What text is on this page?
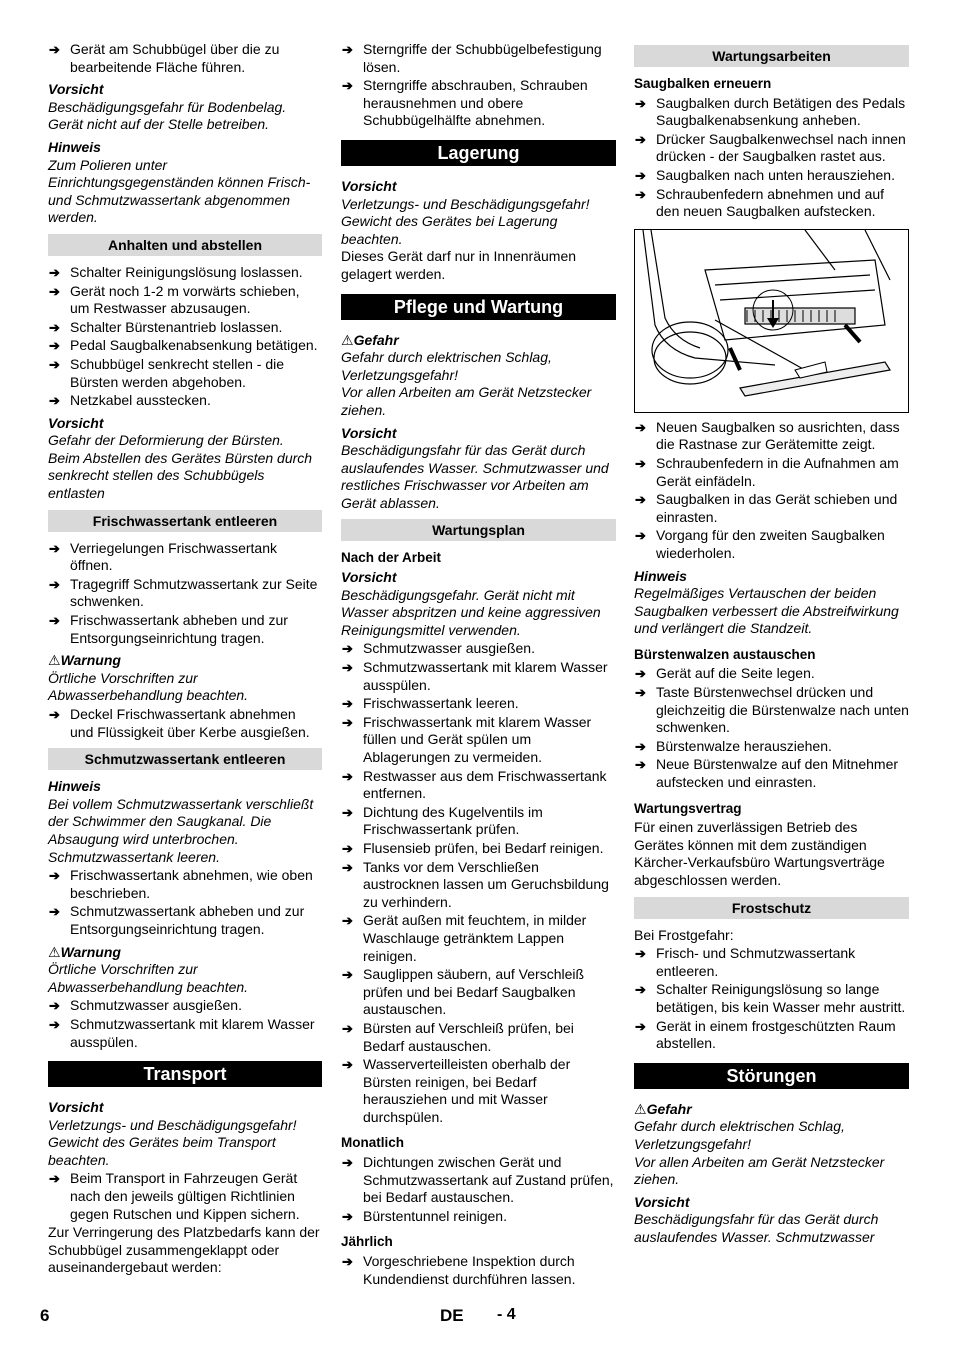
➔ Gerät am Schubbügel über die zu bearbeitende Fläche führen.

Vorsicht

Beschädigungsgefahr für Bodenbelag. Gerät nicht auf der Stelle betreiben.

Hinweis

Zum Polieren unter Einrichtungsgegenständen können Frisch- und Schmutzwassertank abgenommen werden.

Anhalten und abstellen
➔ Schalter Reinigungslösung loslassen.
➔ Gerät noch 1-2 m vorwärts schieben, um Restwasser abzusaugen.
➔ Schalter Bürstenantrieb loslassen.
➔ Pedal Saugbalkenabsenkung betätigen.
➔ Schubbügel senkrecht stellen - die Bürsten werden abgehoben.
➔ Netzkabel ausstecken.

Vorsicht

Gefahr der Deformierung der Bürsten.

Beim Abstellen des Gerätes Bürsten durch senkrecht stellen des Schubbügels entlasten

Frischwassertank entleeren
➔ Verriegelungen Frischwassertank öffnen.
➔ Tragegriff Schmutzwassertank zur Seite schwenken.
➔ Frischwassertank abheben und zur Entsorgungseinrichtung tragen.

⚠ Warnung

Örtliche Vorschriften zur Abwasserbehandlung beachten.

➔ Deckel Frischwassertank abnehmen und Flüssigkeit über Kerbe ausgießen.
Schmutzwassertank entleeren

Hinweis

Bei vollem Schmutzwassertank verschließt der Schwimmer den Saugkanal. Die Absaugung wird unterbrochen. Schmutzwassertank leeren.

➔ Frischwassertank abnehmen, wie oben beschrieben.
➔ Schmutzwassertank abheben und zur Entsorgungseinrichtung tragen.

⚠ Warnung

Örtliche Vorschriften zur Abwasserbehandlung beachten.

➔ Schmutzwasser ausgießen.
➔ Schmutzwassertank mit klarem Wasser ausspülen.
Transport

Vorsicht

Verletzungs- und Beschädigungsgefahr! Gewicht des Gerätes beim Transport beachten.

➔ Beim Transport in Fahrzeugen Gerät nach den jeweils gültigen Richtlinien gegen Rutschen und Kippen sichern.

Zur Verringerung des Platzbedarfs kann der Schubbügel zusammengeklappt oder auseinandergebaut werden:

➔ Sterngriffe der Schubbügelbefestigung lösen.
➔ Sterngriffe abschrauben, Schrauben herausnehmen und obere Schubbügelhälfte abnehmen.
Lagerung

Vorsicht

Verletzungs- und Beschädigungsgefahr! Gewicht des Gerätes bei Lagerung beachten.

Dieses Gerät darf nur in Innenräumen gelagert werden.

Pflege und Wartung

⚠ Gefahr

Gefahr durch elektrischen Schlag, Verletzungsgefahr!

Vor allen Arbeiten am Gerät Netzstecker ziehen.

Vorsicht

Beschädigungsfahr für das Gerät durch auslaufendes Wasser. Schmutzwasser und restliches Frischwasser vor Arbeiten am Gerät ablassen.

Wartungsplan

Nach der Arbeit

Vorsicht

Beschädigungsgefahr. Gerät nicht mit Wasser abspritzen und keine aggressiven Reinigungsmittel verwenden.

➔ Schmutzwasser ausgießen.
➔ Schmutzwassertank mit klarem Wasser ausspülen.
➔ Frischwassertank leeren.
➔ Frischwassertank mit klarem Wasser füllen und Gerät spülen um Ablagerungen zu vermeiden.
➔ Restwasser aus dem Frischwassertank entfernen.
➔ Dichtung des Kugelventils im Frischwassertank prüfen.
➔ Flusensieb prüfen, bei Bedarf reinigen.
➔ Tanks vor dem Verschließen austrocknen lassen um Geruchsbildung zu verhindern.
➔ Gerät außen mit feuchtem, in milder Waschlauge getränktem Lappen reinigen.
➔ Sauglippen säubern, auf Verschleiß prüfen und bei Bedarf Saugbalken austauschen.
➔ Bürsten auf Verschleiß prüfen, bei Bedarf austauschen.
➔ Wasserverteilleisten oberhalb der Bürsten reinigen, bei Bedarf herausziehen und mit Wasser durchspülen.

Monatlich

➔ Dichtungen zwischen Gerät und Schmutzwassertank auf Zustand prüfen, bei Bedarf austauschen.
➔ Bürstentunnel reinigen.

Jährlich

➔ Vorgeschriebene Inspektion durch Kundendienst durchführen lassen.
Wartungsarbeiten

Saugbalken erneuern

➔ Saugbalken durch Betätigen des Pedals Saugbalkenabsenkung anheben.
➔ Drücker Saugbalkenwechsel nach innen drücken - der Saugbalken rastet aus.
➔ Saugbalken nach unten herausziehen.
➔ Schraubenfedern abnehmen und auf den neuen Saugbalken aufstecken.
➔ Neuen Saugbalken so ausrichten, dass die Rastnase zur Gerätemitte zeigt.
➔ Schraubenfedern in die Aufnahmen am Gerät einfädeln.
➔ Saugbalken in das Gerät schieben und einrasten.
➔ Vorgang für den zweiten Saugbalken wiederholen.

Hinweis

Regelmäßiges Vertauschen der beiden Saugbalken verbessert die Abstreifwirkung und verlängert die Standzeit.

Bürstenwalzen austauschen

➔ Gerät auf die Seite legen.
➔ Taste Bürstenwechsel drücken und gleichzeitig die Bürstenwalze nach unten schwenken.
➔ Bürstenwalze herausziehen.
➔ Neue Bürstenwalze auf den Mitnehmer aufstecken und einrasten.

Wartungsvertrag

Für einen zuverlässigen Betrieb des Gerätes können mit dem zuständigen Kärcher-Verkaufsbüro Wartungsverträge abgeschlossen werden.

Frostschutz

Bei Frostgefahr:

➔ Frisch- und Schmutzwassertank entleeren.
➔ Schalter Reinigungslösung so lange betätigen, bis kein Wasser mehr austritt.
➔ Gerät in einem frostgeschützten Raum abstellen.
Störungen

⚠ Gefahr

Gefahr durch elektrischen Schlag, Verletzungsgefahr!

Vor allen Arbeiten am Gerät Netzstecker ziehen.

Vorsicht

Beschädigungsfahr für das Gerät durch auslaufendes Wasser. Schmutzwasser

6	DE - 4
